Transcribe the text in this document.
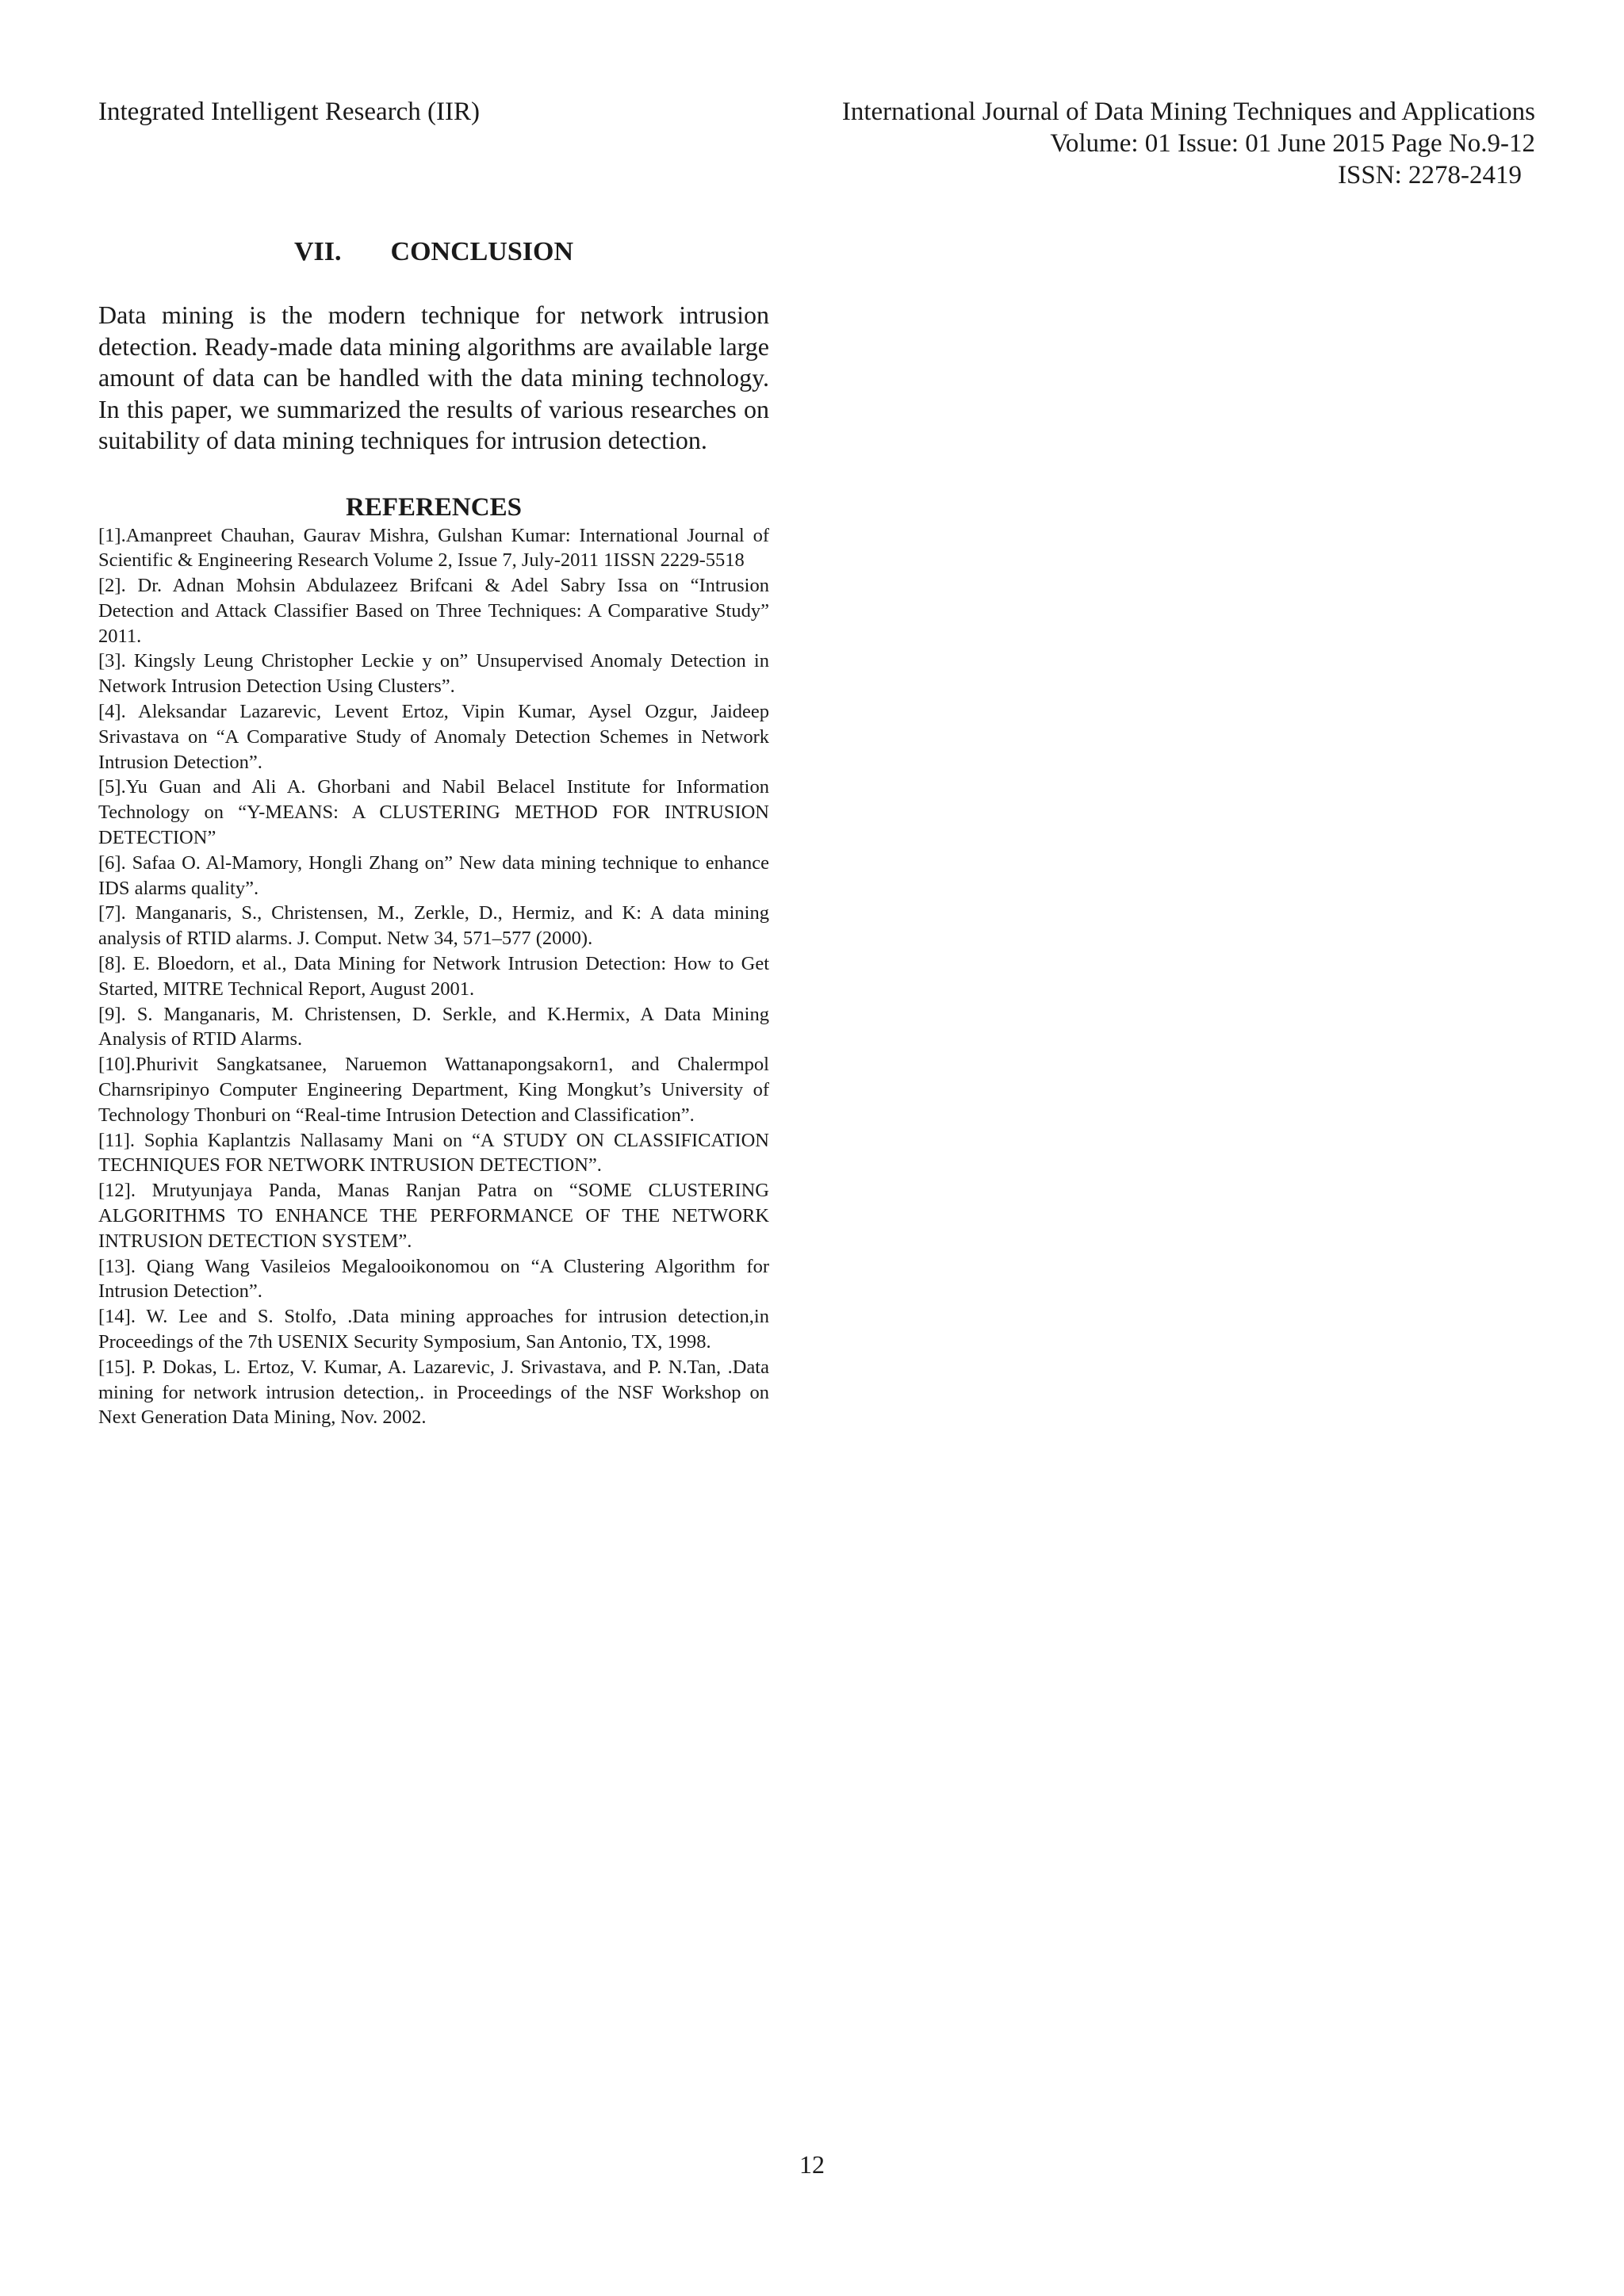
Integrated Intelligent Research (IIR)	International Journal of Data Mining Techniques and Applications
Volume: 01 Issue: 01 June 2015 Page No.9-12
ISSN: 2278-2419
VII. CONCLUSION

Data mining is the modern technique for network intrusion detection. Ready-made data mining algorithms are available large amount of data can be handled with the data mining technology. In this paper, we summarized the results of various researches on suitability of data mining techniques for intrusion detection.

REFERENCES
[1].Amanpreet Chauhan, Gaurav Mishra, Gulshan Kumar: International Journal of Scientific & Engineering Research Volume 2, Issue 7, July-2011 1ISSN 2229-5518
[2]. Dr. Adnan Mohsin Abdulazeez Brifcani & Adel Sabry Issa on “Intrusion Detection and Attack Classifier Based on Three Techniques: A Comparative Study” 2011.
[3]. Kingsly Leung Christopher Leckie y on” Unsupervised Anomaly Detection in Network Intrusion Detection Using Clusters”.
[4]. Aleksandar Lazarevic, Levent Ertoz, Vipin Kumar, Aysel Ozgur, Jaideep Srivastava on “A Comparative Study of Anomaly Detection Schemes in Network Intrusion Detection”.
[5].Yu Guan and Ali A. Ghorbani and Nabil Belacel Institute for Information Technology on “Y-MEANS: A CLUSTERING METHOD FOR INTRUSION DETECTION”
[6]. Safaa O. Al-Mamory, Hongli Zhang on” New data mining technique to enhance IDS alarms quality”.
[7]. Manganaris, S., Christensen, M., Zerkle, D., Hermiz, and K: A data mining analysis of RTID alarms. J. Comput. Netw 34, 571–577 (2000).
[8]. E. Bloedorn, et al., Data Mining for Network Intrusion Detection: How to Get Started, MITRE Technical Report, August 2001.
[9]. S. Manganaris, M. Christensen, D. Serkle, and K.Hermix, A Data Mining Analysis of RTID Alarms.
[10].Phurivit Sangkatsanee, Naruemon Wattanapongsakorn1, and Chalermpol Charnsripinyo Computer Engineering Department, King Mongkut’s University of Technology Thonburi on “Real-time Intrusion Detection and Classification”.
[11]. Sophia Kaplantzis Nallasamy Mani on “A STUDY ON CLASSIFICATION TECHNIQUES FOR NETWORK INTRUSION DETECTION”.
[12]. Mrutyunjaya Panda, Manas Ranjan Patra on “SOME CLUSTERING ALGORITHMS TO ENHANCE THE PERFORMANCE OF THE NETWORK INTRUSION DETECTION SYSTEM”.
[13]. Qiang Wang Vasileios Megalooikonomou on “A Clustering Algorithm for Intrusion Detection”.
[14]. W. Lee and S. Stolfo, .Data mining approaches for intrusion detection,in Proceedings of the 7th USENIX Security Symposium, San Antonio, TX, 1998.
[15]. P. Dokas, L. Ertoz, V. Kumar, A. Lazarevic, J. Srivastava, and P. N.Tan, .Data mining for network intrusion detection,. in Proceedings of the NSF Workshop on Next Generation Data Mining, Nov. 2002.
12
